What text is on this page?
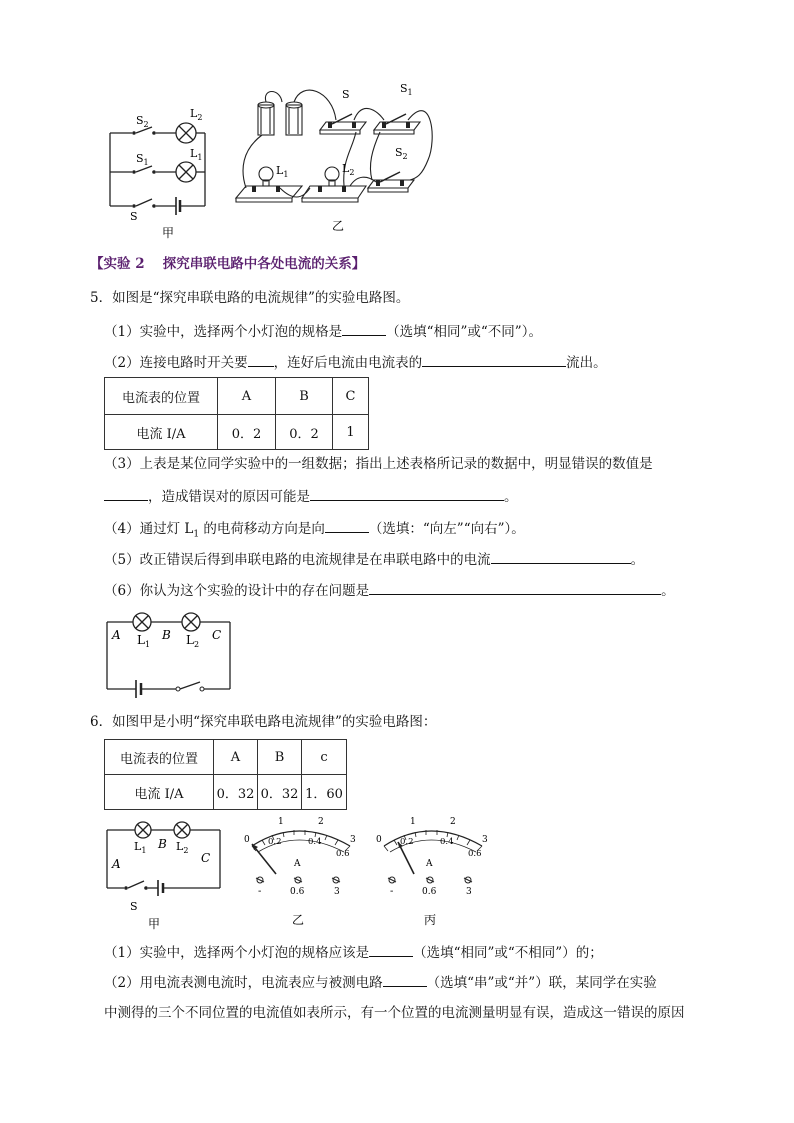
$S_2$
$S_1$
S
$L_2$
$L_1$
甲
S	$S_1$
$S_2$
$L_1$	$L_2$
乙
【实验 2　 探究串联电路中各处电流的关系】
5．如图是“探究串联电路的电流规律”的实验电路图。
（1）实验中，选择两个小灯泡的规格是	（选填“相同”或“不同”）。
（2）连接电路时开关要 ，连好后电流由电流表的	流出。
电流表的位置	A	B	C
电流 I/A	0．2	0．2	1
（3）上表是某位同学实验中的一组数据；指出上述表格所记录的数据中，明显错误的数值是
，造成错误对的原因可能是	。
（4）通过灯 $L_1$ 的电荷移动方向是向	（选填：“向左”“向右”）。
（5）改正错误后得到串联电路的电流规律是在串联电路中的电流	。
（6）你认为这个实验的设计中的存在问题是	。
A	B	C
$L_1$	$L_2$
6．如图甲是小明“探究串联电路电流规律”的实验电路图：
电流表的位置	A	B	c
电流 I/A	0．32	0．32	1．60
A
B
C
$L_1$	$L_2$
S
甲
0
1	2
3
0.2	0.4
0.6
A
-	0.6	3
乙
0
1	2
3
0.2	0.4
0.6
A
-	0.6	3
丙
（1）实验中，选择两个小灯泡的规格应该是	（选填“相同”或“不相同”）的；
（2）用电流表测电流时，电流表应与被测电路	（选填“串”或“并”）联，某同学在实验
中测得的三个不同位置的电流值如表所示，有一个位置的电流测量明显有误，造成这一错误的原因
